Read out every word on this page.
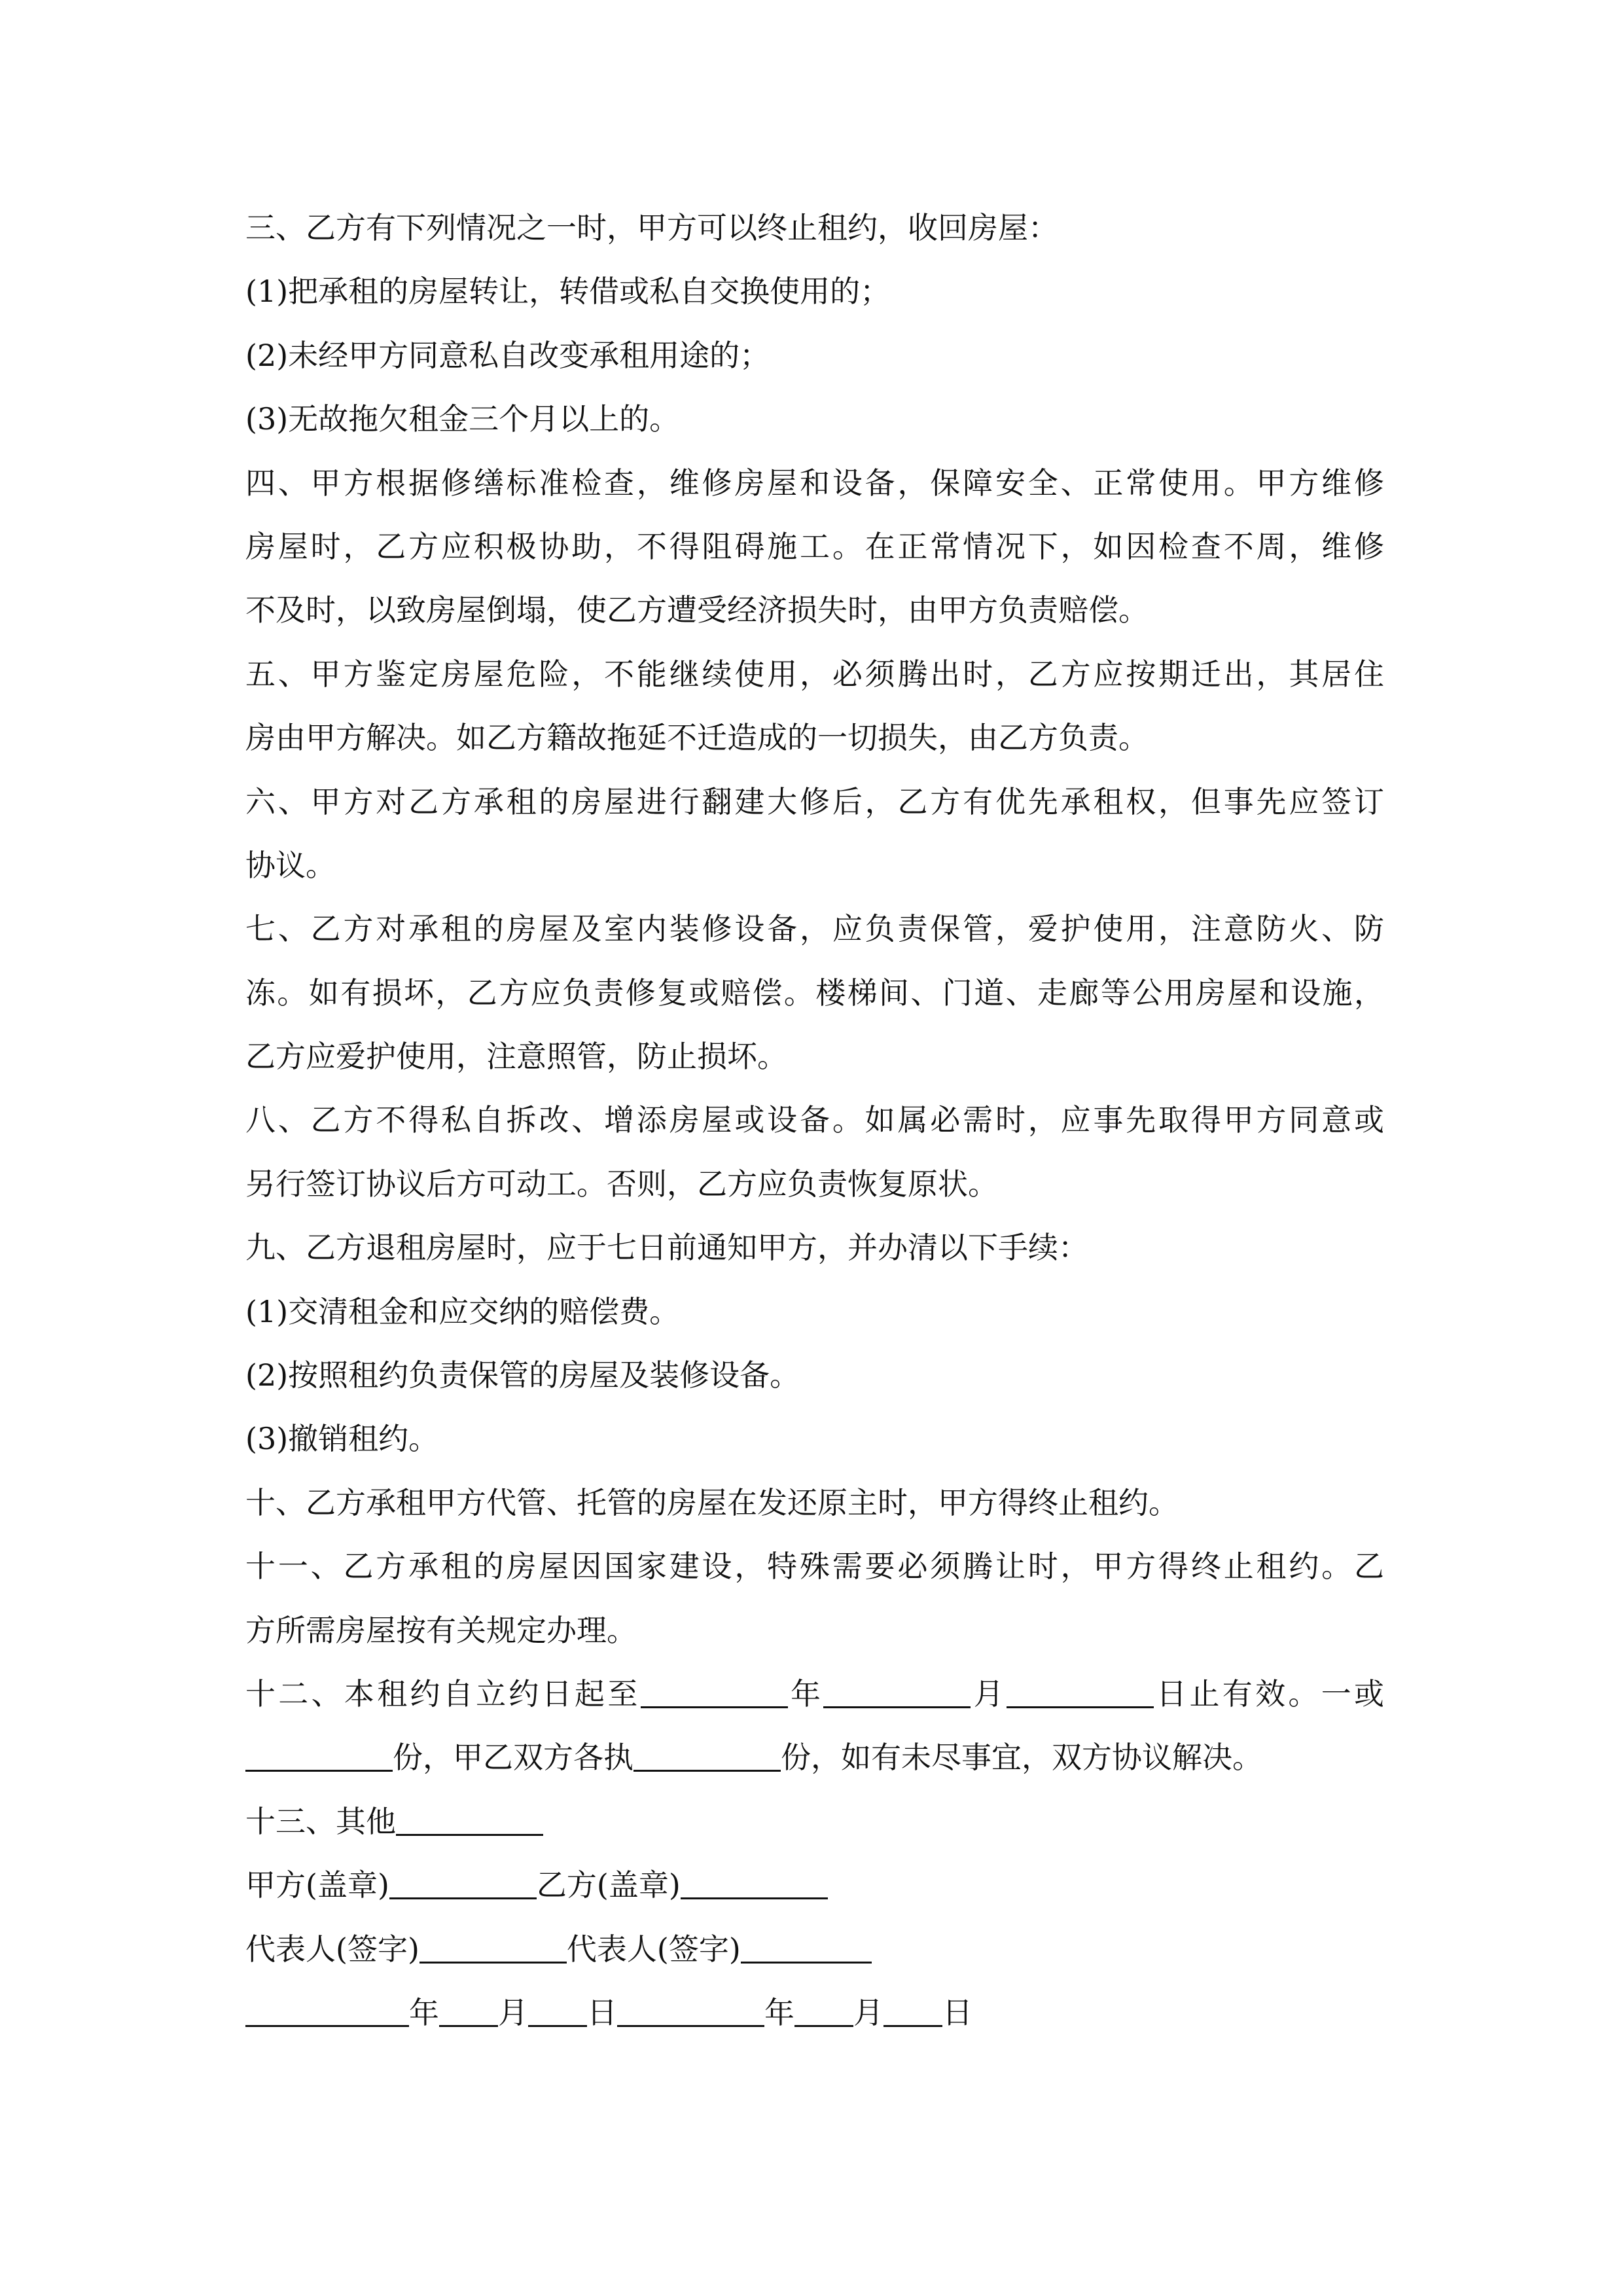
三、乙方有下列情况之一时，甲方可以终止租约，收回房屋：
(1)把承租的房屋转让，转借或私自交换使用的；
(2)未经甲方同意私自改变承租用途的；
(3)无故拖欠租金三个月以上的。
四、甲方根据修缮标准检查，维修房屋和设备，保障安全、正常使用。甲方维修
房屋时，乙方应积极协助，不得阻碍施工。在正常情况下，如因检查不周，维修
不及时，以致房屋倒塌，使乙方遭受经济损失时，由甲方负责赔偿。
五、甲方鉴定房屋危险，不能继续使用，必须腾出时，乙方应按期迁出，其居住
房由甲方解决。如乙方籍故拖延不迁造成的一切损失，由乙方负责。
六、甲方对乙方承租的房屋进行翻建大修后，乙方有优先承租权，但事先应签订
协议。
七、乙方对承租的房屋及室内装修设备，应负责保管，爱护使用，注意防火、防
冻。如有损坏，乙方应负责修复或赔偿。楼梯间、门道、走廊等公用房屋和设施，
乙方应爱护使用，注意照管，防止损坏。
八、乙方不得私自拆改、增添房屋或设备。如属必需时，应事先取得甲方同意或
另行签订协议后方可动工。否则，乙方应负责恢复原状。
九、乙方退租房屋时，应于七日前通知甲方，并办清以下手续：
(1)交清租金和应交纳的赔偿费。
(2)按照租约负责保管的房屋及装修设备。
(3)撤销租约。
十、乙方承租甲方代管、托管的房屋在发还原主时，甲方得终止租约。
十一、乙方承租的房屋因国家建设，特殊需要必须腾让时，甲方得终止租约。乙
方所需房屋按有关规定办理。
十二、本租约自立约日起至	年	月	日止有效。一或
份，甲乙双方各执	份，如有未尽事宜，双方协议解决。
十三、其他
甲方(盖章)	乙方(盖章)
代表人(签字)	代表人(签字)
年 月 日	年 月 日
